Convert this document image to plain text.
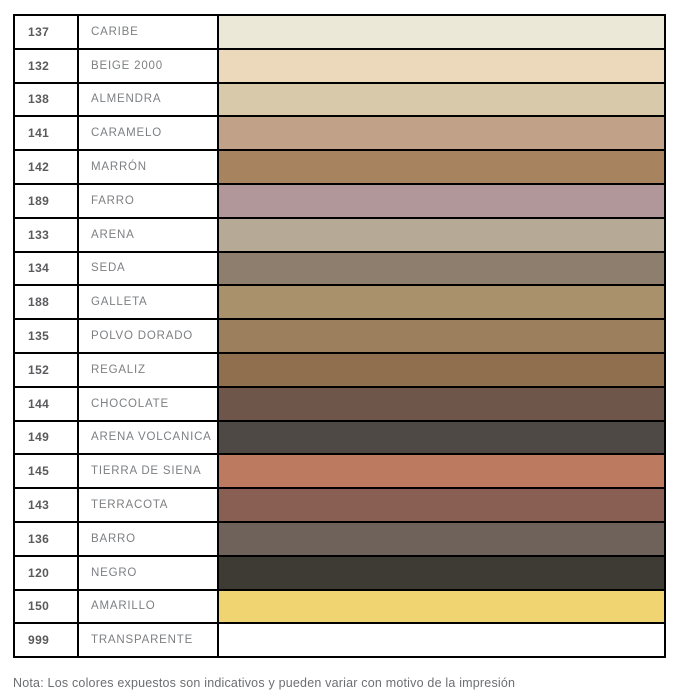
137	CARIBE
132	BEIGE 2000
138	ALMENDRA
141	CARAMELO
142	MARRÓN
189	FARRO
133	ARENA
134	SEDA
188	GALLETA
135	POLVO DORADO
152	REGALIZ
144	CHOCOLATE
149	ARENA VOLCANICA
145	TIERRA DE SIENA
143	TERRACOTA
136	BARRO
120	NEGRO
150	AMARILLO
999	TRANSPARENTE
Nota: Los colores expuestos son indicativos y pueden variar con motivo de la impresión
